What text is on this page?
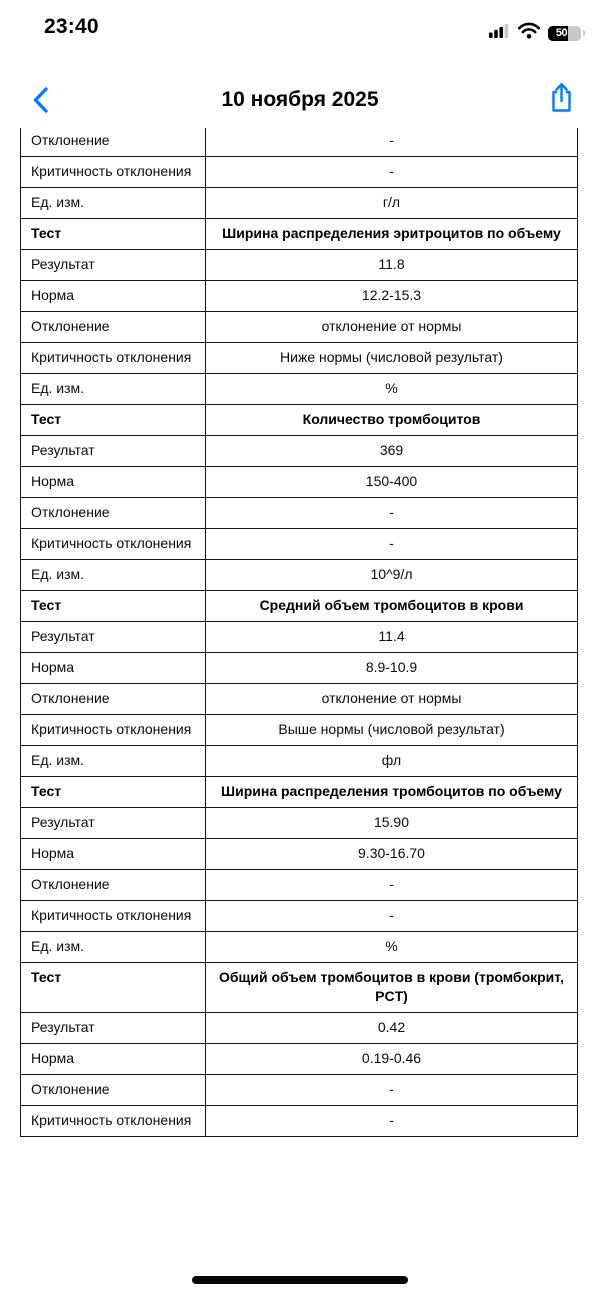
23:40	50
10 ноября 2025
Отклонение	-
Критичность отклонения	-
Ед. изм.	г/л
Тест	Ширина распределения эритроцитов по объему
Результат	11.8
Норма	12.2-15.3
Отклонение	отклонение от нормы
Критичность отклонения	Ниже нормы (числовой результат)
Ед. изм.	%
Тест	Количество тромбоцитов
Результат	369
Норма	150-400
Отклонение	-
Критичность отклонения	-
Ед. изм.	10^9/л
Тест	Средний объем тромбоцитов в крови
Результат	11.4
Норма	8.9-10.9
Отклонение	отклонение от нормы
Критичность отклонения	Выше нормы (числовой результат)
Ед. изм.	фл
Тест	Ширина распределения тромбоцитов по объему
Результат	15.90
Норма	9.30-16.70
Отклонение	-
Критичность отклонения	-
Ед. изм.	%
Тест	Общий объем тромбоцитов в крови (тромбокрит, PCT)
Результат	0.42
Норма	0.19-0.46
Отклонение	-
Критичность отклонения	-
